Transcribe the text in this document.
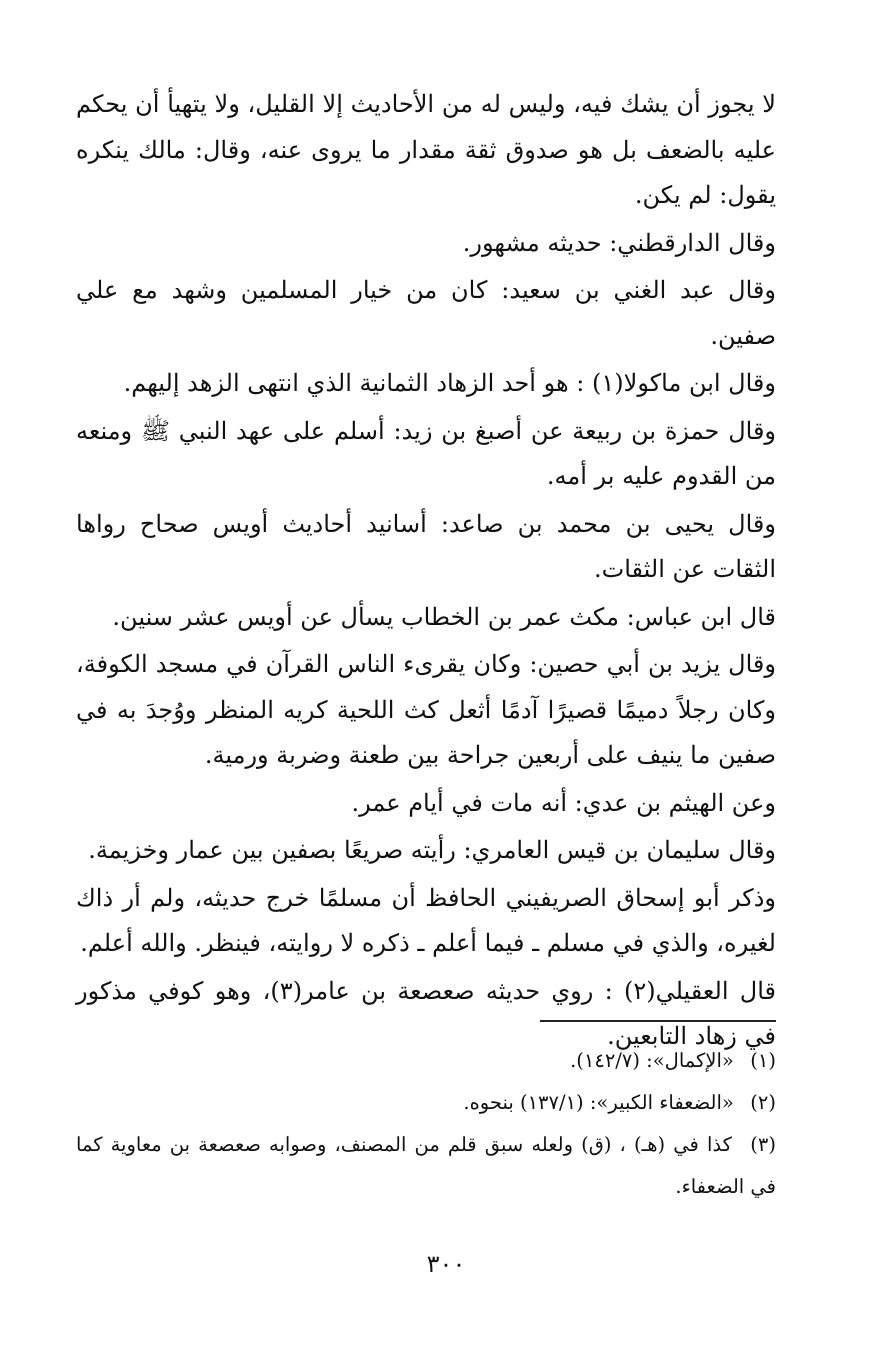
لا يجوز أن يشك فيه، وليس له من الأحاديث إلا القليل، ولا يتهيأ أن يحكم عليه بالضعف بل هو صدوق ثقة مقدار ما يروى عنه، وقال: مالك ينكره يقول: لم يكن.

وقال الدارقطني: حديثه مشهور.

وقال عبد الغني بن سعيد: كان من خيار المسلمين وشهد مع علي صفين.

وقال ابن ماكولا(١) : هو أحد الزهاد الثمانية الذي انتهى الزهد إليهم.

وقال حمزة بن ربيعة عن أصبغ بن زيد: أسلم على عهد النبي ﷺ ومنعه من القدوم عليه بر أمه.

وقال يحيى بن محمد بن صاعد: أسانيد أحاديث أويس صحاح رواها الثقات عن الثقات.

قال ابن عباس: مكث عمر بن الخطاب يسأل عن أويس عشر سنين.

وقال يزيد بن أبي حصين: وكان يقرىء الناس القرآن في مسجد الكوفة، وكان رجلاً دميمًا قصيرًا آدمًا أثعل كث اللحية كريه المنظر ووُجدَ به في صفين ما ينيف على أربعين جراحة بين طعنة وضربة ورمية.

وعن الهيثم بن عدي: أنه مات في أيام عمر.

وقال سليمان بن قيس العامري: رأيته صريعًا بصفين بين عمار وخزيمة.

وذكر أبو إسحاق الصريفيني الحافظ أن مسلمًا خرج حديثه، ولم أر ذاك لغيره، والذي في مسلم ـ فيما أعلم ـ ذكره لا روايته، فينظر. والله أعلم.

قال العقيلي(٢) : روي حديثه صعصعة بن عامر(٣)، وهو كوفي مذكور في زهاد التابعين.

(١) «الإكمال»: (١٤٢/٧).

(٢) «الضعفاء الكبير»: (١٣٧/١) بنحوه.

(٣) كذا في (هـ) ، (ق) ولعله سبق قلم من المصنف، وصوابه صعصعة بن معاوية كما في الضعفاء.

٣٠٠
